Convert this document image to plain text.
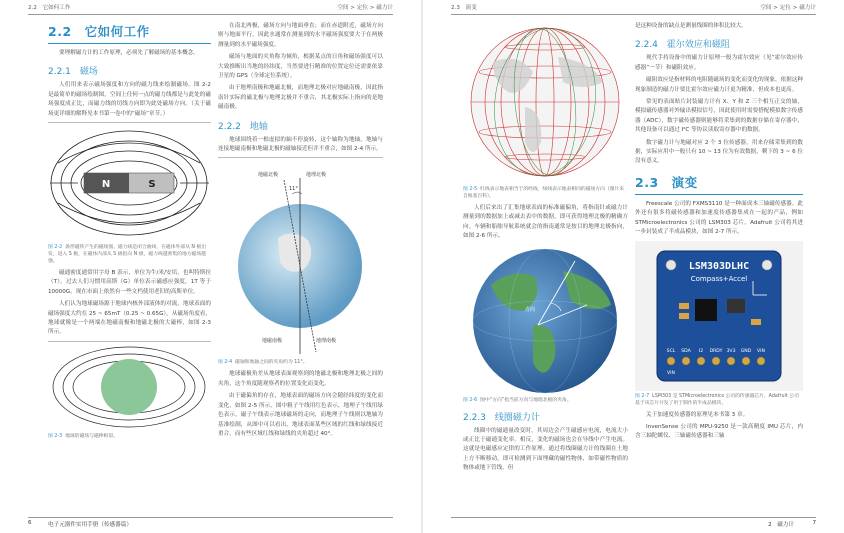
2.2　它如何工作	空间 > 定位 > 磁力计
2.2　它如何工作

要理解磁力计的工作原理，必须先了解磁场的基本概念。

2.2.1　磁场

人们用来表示磁场强度和方向的磁力线来绘制磁场。图 2-2 是最简单的磁场绘制图，空间上任何一点的磁力线都是与此处的磁场强度成正比，而磁力线的切线方向即为此处磁场方向。（关于磁场更详细的解释见本书第一卷中的“磁场”章节。）

N	S
图 2-2 条形磁铁产生的磁场图。磁力线是闭合曲线，在磁体外部从 N 极出发，进入 S 极，在磁体内部从 S 极指向 N 极，磁力线越密集的地方磁场越强。

磁通密度通常用字母 B 表示，单位为牛/米/安培，也叫特斯拉（T）。过去人们习惯用高斯（G）单位表示磁感应强度，1T 等于 10000G。现在市面上依然有一些文档使用老旧的高斯单位。

人们认为地球磁场源于地球内核外部液体的对流。地球表面的磁场强度大约在 25 ~ 65mT（0.25 ~ 0.65G）。从磁场角度看，地球就像是一个两端在地磁南极和地磁北极的大磁棒，如图 2-3 所示。

图 2-3 地球的磁场与磁棒相似。

在南北两极，磁场方向与地面垂直；而在赤道附近，磁场方向则与地面平行，因此水通常在测量到的水平磁场强度要大于在两极测量到的水平磁场强度。

磁场与地面的夹角称为倾角，根据某点的日角和磁场强度可以大致推断出当地的经纬度，当然要进行精准的位置定位还需要依靠卫星的 GPS（全球定位系统）。

由于地理南极和地磁北极，而地理北极对应地磁南极，因此指南针实际的磁北极与地理北极并不重合，其北极实际上指向的是地磁南极。

2.2.2　地轴

地球围绕着一根虚拟的轴不停旋转，这个轴称为地轴。地轴与连接地磁南极和地磁北极的磁轴接近但并不重合，如图 2-4 所示。

地磁北极	地理北极
11°
地磁南极	地理南极
图 2-4 磁轴和地轴之间的夹角约为 11°。

地球磁极角差从地球表面观察到的地磁北极和地理北极之间的夹角，这个角度随观察者的位置变化而变化。

由于磁偏角的存在，地球表面的磁场方向会随经纬度的变化而变化，如图 2-5 所示。图中粗子午线用红色表示，地理子午线用绿色表示，磁子午线表示地球磁场的走向，而地理子午线则以地轴为基准绘制，从图中可以看出，地球表面某些区域的红线和绿线接近重合，而有些区域红线和绿线的夹角超过 40°。

6	电子元器件实用手册（传感器篇）
2.3　演变	空间 > 定位 > 磁力计
图 2-5 红线表示地表相当于的经线，绿线表示地表相同的磁场方向（图片来自维基百科）。

人们后来出了汇集地球表面的标准磁偏角，将指南针或磁力计测量到的数据加上或减去表中的数据，即可获得地理北极的精确方向。车辆和船舶导航系统就会的指南通常是按目的地理北极指向，如图 2-6 所示。

方向
图 2-6 图中“方向”指当前方向与地理北极的夹角。
2.2.3　线圈磁力计

线圈中的磁通量改变时，其周边会产生磁感应电流，电流大小或正比于磁通变化率。相反，变化的磁场也会在导线中产生电流。这就是电磁感应定律的工作原理。通过将线圈磁力计的线圈在土地上方不断移动，即可检测到下面埋藏的磁性物体，如带磁性物质的物体或地下管线，但

是这种设备的缺点是测量线圈的体积比较大。

2.2.4　霍尔效应和磁阻

现代手持设备中的磁力计原理一般为霍尔效应（见“霍尔效应传感器”一节）和磁阻效应。

磁阻效应是指材料的电阻随磁场的变化而变化的现象，依据这种现象制造的磁力计要比霍尔效应磁力计更为精准，但成本也更高。

常见的表面贴片封装磁力计有 X、Y 和 Z 三个相互正交的轴，模拟磁传感器对外输出模拟信号，因此使用时需要搭配模拟数字传感器（ADC），数字磁传感器则能够将采集到的数据存储在寄存器中，其他设备可以通过 I²C 等协议读取寄存器中的数据。

数字磁力计与地磁对应 2 个 3 位传感器，用来存储采集到的数据，实际应用中一般只有 10 ~ 13 位为有效数据，剩下的 3 ~ 6 位没有意义。

2.3　演变

Freescale 公司的 FXMS3110 是一种面成本三轴磁传感器。此外还有很多将磁传感器和加速度传感器集成在一起的产品，例如 STMicroelectronics 公司的 LSM303 芯片。Adafruit 公司将其进一步封装成了半成品模块，如图 2-7 所示。

LSM303DLHC
Compass+Accel
SCL SDA I2 DRDY 3V3 GND VIN
VIN
图 2-7 LSM303 是 STMicroelectronics 公司的传感器芯片，Adafruit 公司基于该芯片开发了用于制作的半成品模块。

关于加速度传感器的原理见本书第 3 章。

InvenSense 公司的 MPU-9250 是一款高精度 IMU 芯片，内含三轴陀螺仪、三轴磁传感器和三轴

2　磁力计	7
